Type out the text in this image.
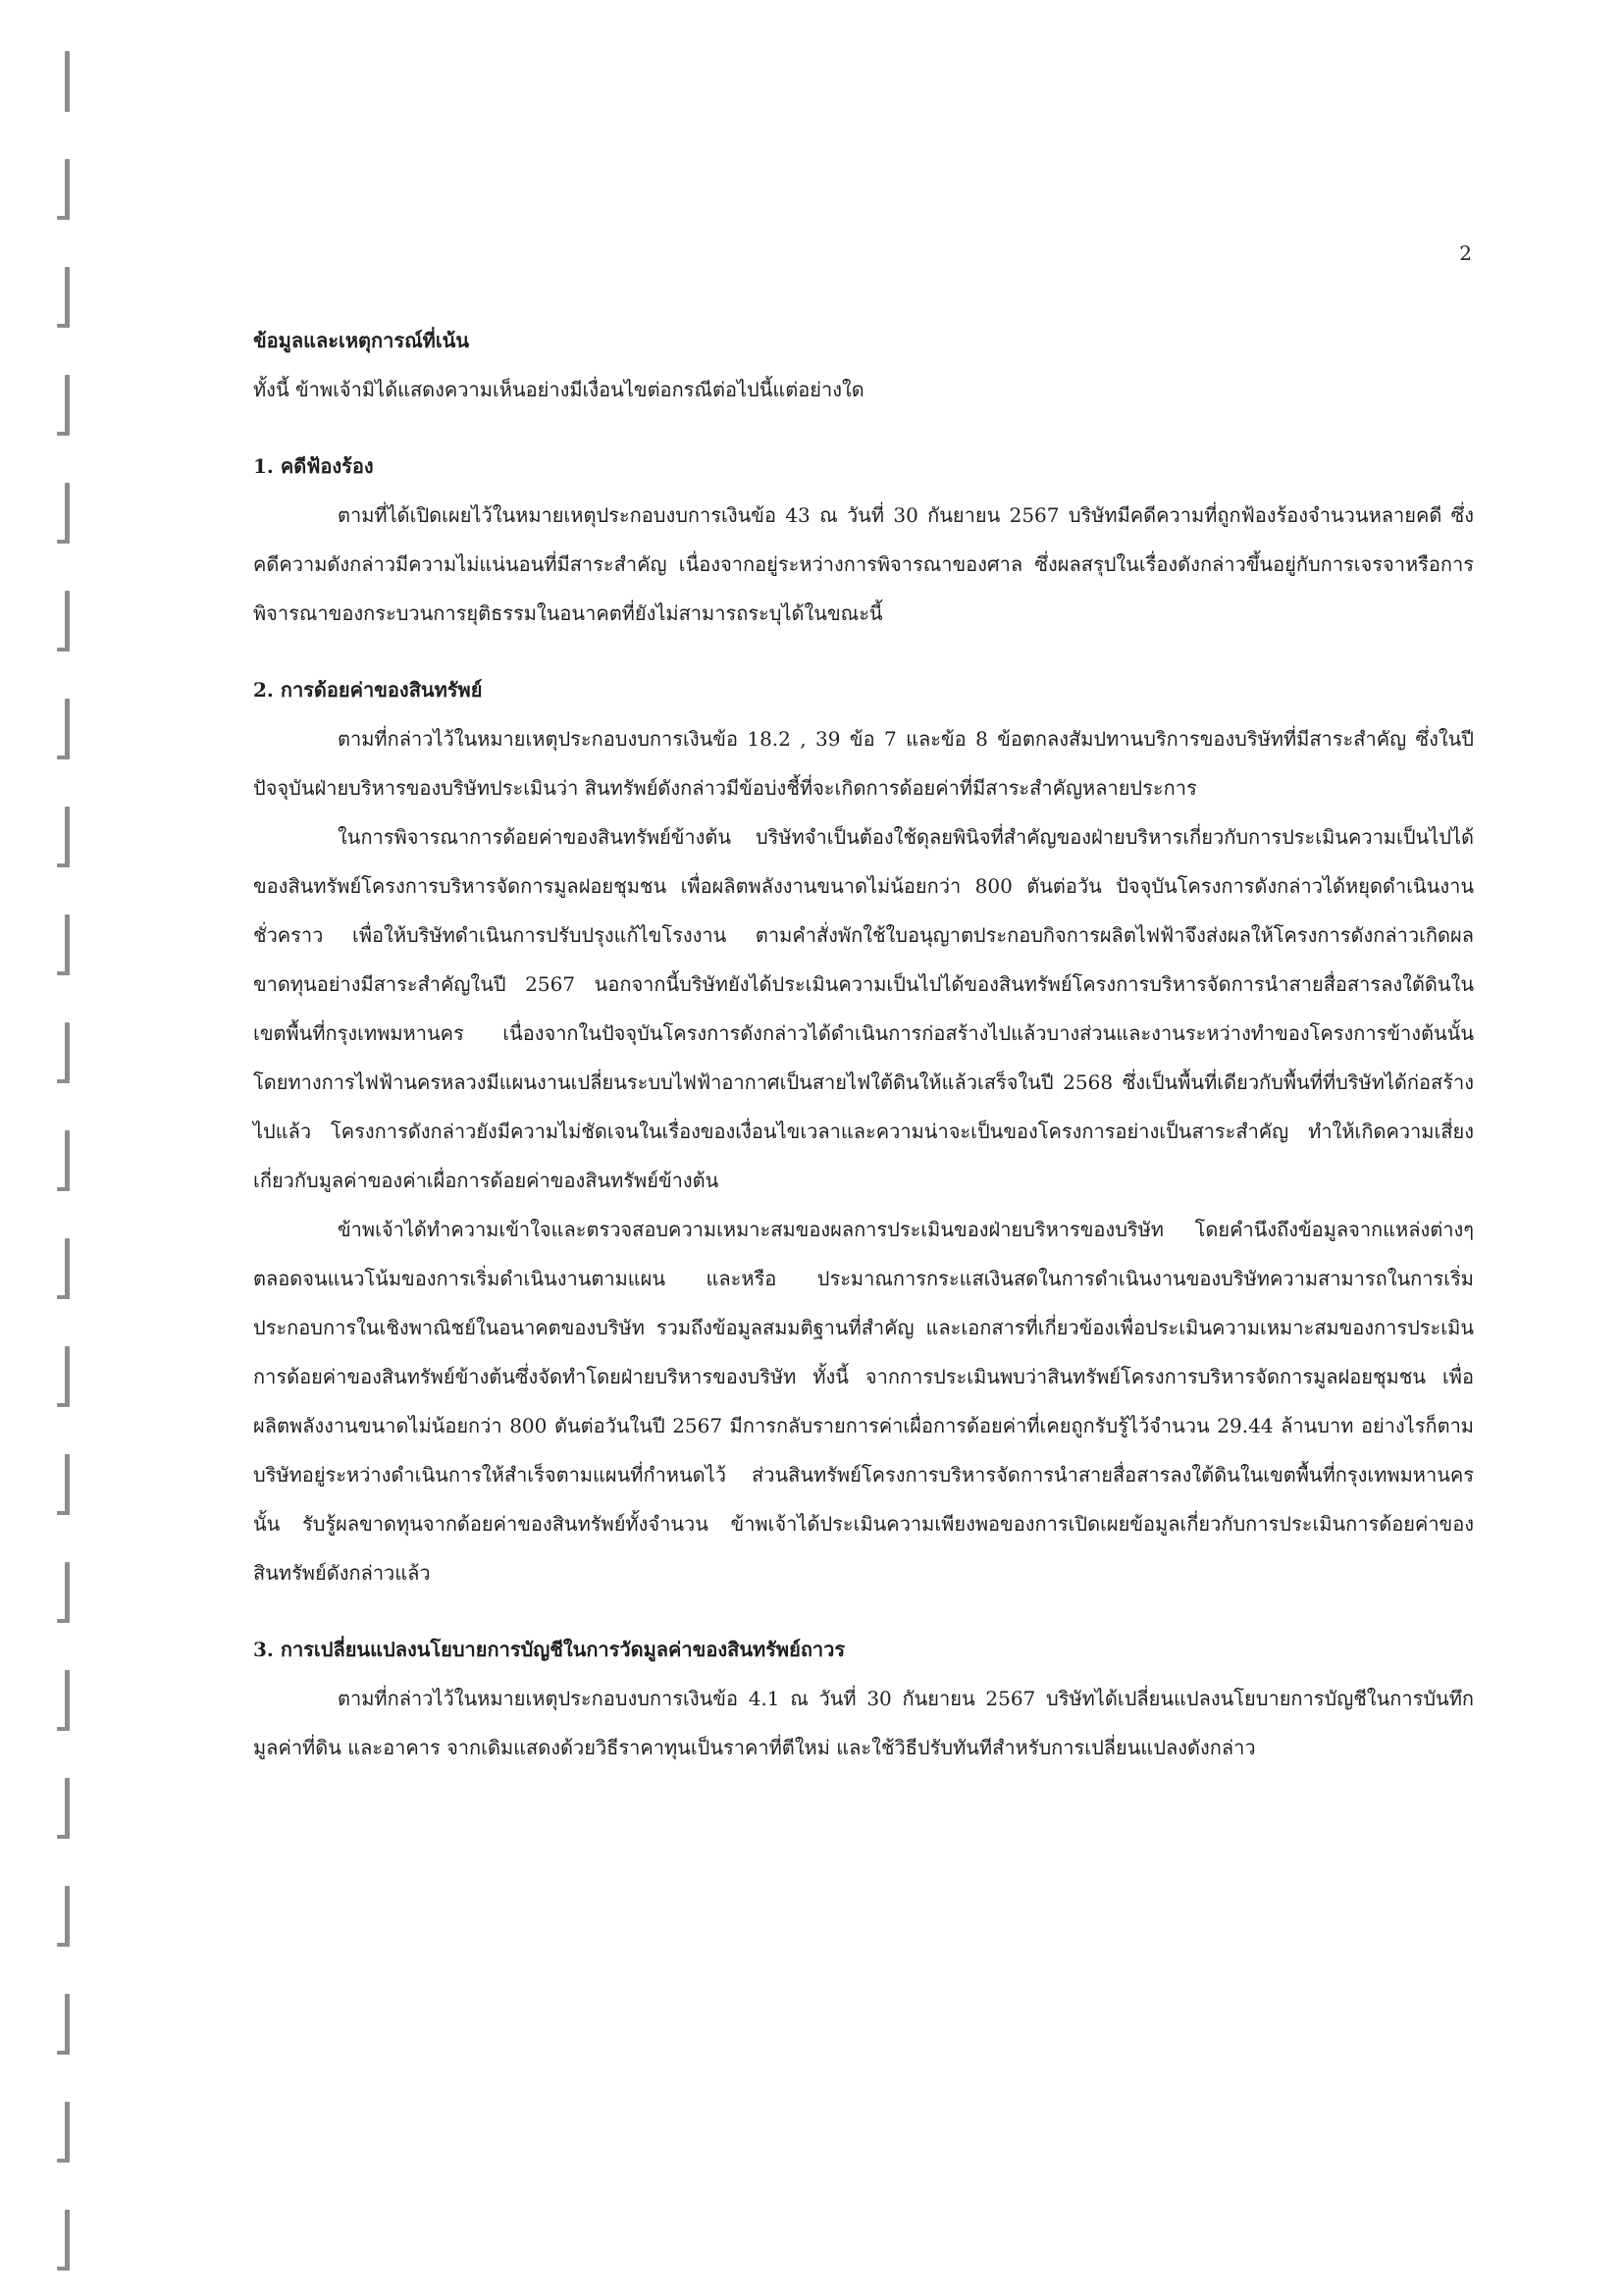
2
ข้อมูลและเหตุการณ์ที่เน้น

ทั้งนี้ ข้าพเจ้ามิได้แสดงความเห็นอย่างมีเงื่อนไขต่อกรณีต่อไปนี้แต่อย่างใด

1. คดีฟ้องร้อง

ตามที่ได้เปิดเผยไว้ในหมายเหตุประกอบงบการเงินข้อ 43 ณ วันที่ 30 กันยายน 2567 บริษัทมีคดีความที่ถูกฟ้องร้องจำนวนหลายคดี ซึ่งคดีความดังกล่าวมีความไม่แน่นอนที่มีสาระสำคัญ เนื่องจากอยู่ระหว่างการพิจารณาของศาล ซึ่งผลสรุปในเรื่องดังกล่าวขึ้นอยู่กับการเจรจาหรือการพิจารณาของกระบวนการยุติธรรมในอนาคตที่ยังไม่สามารถระบุได้ในขณะนี้

2. การด้อยค่าของสินทรัพย์

ตามที่กล่าวไว้ในหมายเหตุประกอบงบการเงินข้อ 18.2 , 39 ข้อ 7 และข้อ 8 ข้อตกลงสัมปทานบริการของบริษัทที่มีสาระสำคัญ ซึ่งในปีปัจจุบันฝ่ายบริหารของบริษัทประเมินว่า สินทรัพย์ดังกล่าวมีข้อบ่งชี้ที่จะเกิดการด้อยค่าที่มีสาระสำคัญหลายประการ

ในการพิจารณาการด้อยค่าของสินทรัพย์ข้างต้น บริษัทจำเป็นต้องใช้ดุลยพินิจที่สำคัญของฝ่ายบริหารเกี่ยวกับการประเมินความเป็นไปได้ของสินทรัพย์โครงการบริหารจัดการมูลฝอยชุมชน เพื่อผลิตพลังงานขนาดไม่น้อยกว่า 800 ตันต่อวัน ปัจจุบันโครงการดังกล่าวได้หยุดดำเนินงานชั่วคราว เพื่อให้บริษัทดำเนินการปรับปรุงแก้ไขโรงงาน ตามคำสั่งพักใช้ใบอนุญาตประกอบกิจการผลิตไฟฟ้าจึงส่งผลให้โครงการดังกล่าวเกิดผลขาดทุนอย่างมีสาระสำคัญในปี 2567 นอกจากนี้บริษัทยังได้ประเมินความเป็นไปได้ของสินทรัพย์โครงการบริหารจัดการนำสายสื่อสารลงใต้ดินในเขตพื้นที่กรุงเทพมหานคร เนื่องจากในปัจจุบันโครงการดังกล่าวได้ดำเนินการก่อสร้างไปแล้วบางส่วนและงานระหว่างทำของโครงการข้างต้นนั้นโดยทางการไฟฟ้านครหลวงมีแผนงานเปลี่ยนระบบไฟฟ้าอากาศเป็นสายไฟใต้ดินให้แล้วเสร็จในปี 2568 ซึ่งเป็นพื้นที่เดียวกับพื้นที่ที่บริษัทได้ก่อสร้างไปแล้ว โครงการดังกล่าวยังมีความไม่ชัดเจนในเรื่องของเงื่อนไขเวลาและความน่าจะเป็นของโครงการอย่างเป็นสาระสำคัญ ทำให้เกิดความเสี่ยงเกี่ยวกับมูลค่าของค่าเผื่อการด้อยค่าของสินทรัพย์ข้างต้น

ข้าพเจ้าได้ทำความเข้าใจและตรวจสอบความเหมาะสมของผลการประเมินของฝ่ายบริหารของบริษัท โดยคำนึงถึงข้อมูลจากแหล่งต่างๆ ตลอดจนแนวโน้มของการเริ่มดำเนินงานตามแผน และหรือ ประมาณการกระแสเงินสดในการดำเนินงานของบริษัทความสามารถในการเริ่มประกอบการในเชิงพาณิชย์ในอนาคตของบริษัท รวมถึงข้อมูลสมมติฐานที่สำคัญ และเอกสารที่เกี่ยวข้องเพื่อประเมินความเหมาะสมของการประเมินการด้อยค่าของสินทรัพย์ข้างต้นซึ่งจัดทำโดยฝ่ายบริหารของบริษัท ทั้งนี้ จากการประเมินพบว่าสินทรัพย์โครงการบริหารจัดการมูลฝอยชุมชน เพื่อผลิตพลังงานขนาดไม่น้อยกว่า 800 ตันต่อวันในปี 2567 มีการกลับรายการค่าเผื่อการด้อยค่าที่เคยถูกรับรู้ไว้จำนวน 29.44 ล้านบาท อย่างไรก็ตาม บริษัทอยู่ระหว่างดำเนินการให้สำเร็จตามแผนที่กำหนดไว้ ส่วนสินทรัพย์โครงการบริหารจัดการนำสายสื่อสารลงใต้ดินในเขตพื้นที่กรุงเทพมหานครนั้น รับรู้ผลขาดทุนจากด้อยค่าของสินทรัพย์ทั้งจำนวน ข้าพเจ้าได้ประเมินความเพียงพอของการเปิดเผยข้อมูลเกี่ยวกับการประเมินการด้อยค่าของสินทรัพย์ดังกล่าวแล้ว

3. การเปลี่ยนแปลงนโยบายการบัญชีในการวัดมูลค่าของสินทรัพย์ถาวร

ตามที่กล่าวไว้ในหมายเหตุประกอบงบการเงินข้อ 4.1 ณ วันที่ 30 กันยายน 2567 บริษัทได้เปลี่ยนแปลงนโยบายการบัญชีในการบันทึกมูลค่าที่ดิน และอาคาร จากเดิมแสดงด้วยวิธีราคาทุนเป็นราคาที่ตีใหม่ และใช้วิธีปรับทันทีสำหรับการเปลี่ยนแปลงดังกล่าว
